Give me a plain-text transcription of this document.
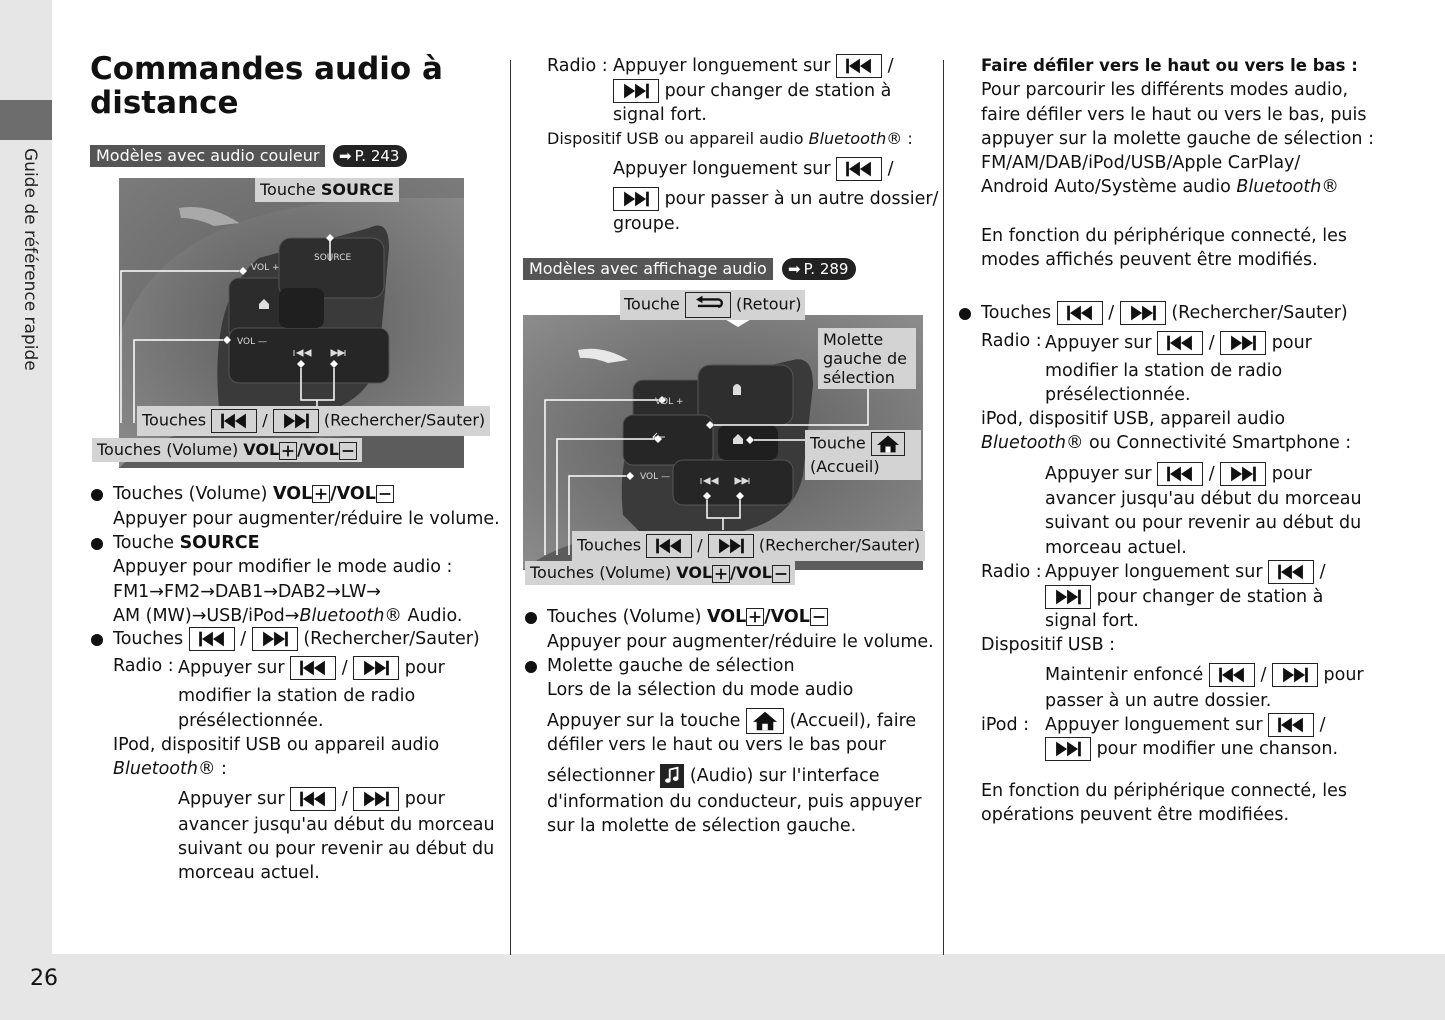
Guide de référence rapide
26
Commandes audio à
distance
Modèles avec audio couleur	➡ P. 243
SOURCE
VOL +
VOL —
Touche SOURCE
Touches	/	(Rechercher/Sauter)
Touches (Volume) VOL /VOL
Touches (Volume) VOL /VOL
Appuyer pour augmenter/réduire le volume.
Touche SOURCE
Appuyer pour modifier le mode audio :
FM1→FM2→DAB1→DAB2→LW→
AM (MW)→USB/iPod→Bluetooth® Audio.
Touches	/	(Rechercher/Sauter)
Radio : Appuyer sur	/	pour
modifier la station de radio
présélectionnée.
IPod, dispositif USB ou appareil audio
Bluetooth® :
Appuyer sur	/	pour
avancer jusqu'au début du morceau
suivant ou pour revenir au début du
morceau actuel.
Radio : Appuyer longuement sur	/
pour changer de station à
signal fort.
Dispositif USB ou appareil audio Bluetooth® :
Appuyer longuement sur	/
pour passer à un autre dossier/
groupe.
Modèles avec affichage audio	➡ P. 289
VOL +
VOL —
Touche	(Retour)
Molette gauche de sélection
Touche

(Accueil)
Touches	/	(Rechercher/Sauter)
Touches (Volume) VOL /VOL
Touches (Volume) VOL /VOL
Appuyer pour augmenter/réduire le volume.
Molette gauche de sélection
Lors de la sélection du mode audio
Appuyer sur la touche	(Accueil), faire
défiler vers le haut ou vers le bas pour
sélectionner (Audio) sur l'interface
d'information du conducteur, puis appuyer
sur la molette de sélection gauche.
Faire défiler vers le haut ou vers le bas :
Pour parcourir les différents modes audio,
faire défiler vers le haut ou vers le bas, puis
appuyer sur la molette gauche de sélection :
FM/AM/DAB/iPod/USB/Apple CarPlay/
Android Auto/Système audio Bluetooth®
En fonction du périphérique connecté, les
modes affichés peuvent être modifiés.
Touches	/	(Rechercher/Sauter)
Radio : Appuyer sur	/	pour
modifier la station de radio
présélectionnée.
iPod, dispositif USB, appareil audio
Bluetooth® ou Connectivité Smartphone :
Appuyer sur	/	pour
avancer jusqu'au début du morceau
suivant ou pour revenir au début du
morceau actuel.
Radio : Appuyer longuement sur	/
pour changer de station à
signal fort.
Dispositif USB :
Maintenir enfoncé	/	pour
passer à un autre dossier.
iPod : Appuyer longuement sur	/
pour modifier une chanson.
En fonction du périphérique connecté, les
opérations peuvent être modifiées.
